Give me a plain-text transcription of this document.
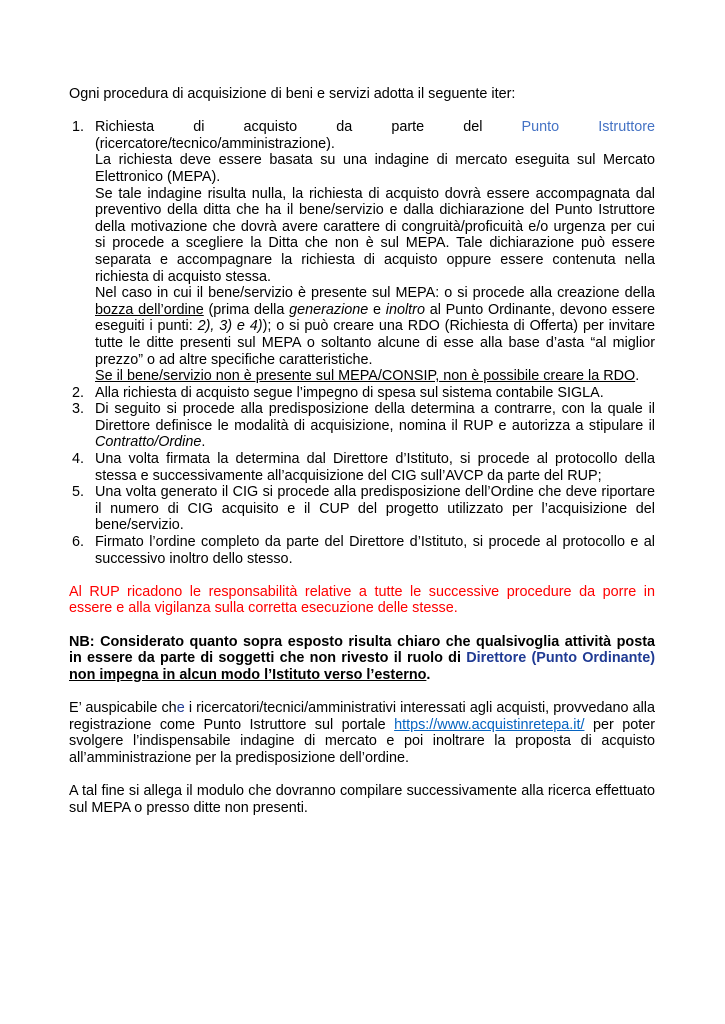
Ogni procedura di acquisizione di beni e servizi adotta il seguente iter:

1. Richiesta di acquisto da parte del	Punto Istruttore

(ricercatore/tecnico/amministrazione).

La richiesta deve essere basata su una indagine di mercato eseguita sul Mercato Elettronico (MEPA).

Se tale indagine risulta nulla, la richiesta di acquisto dovrà essere accompagnata dal preventivo della ditta che ha il bene/servizio e dalla dichiarazione del Punto Istruttore della motivazione che dovrà avere carattere di congruità/proficuità e/o urgenza per cui si procede a scegliere la Ditta che non è sul MEPA. Tale dichiarazione può essere separata e accompagnare la richiesta di acquisto oppure essere contenuta nella richiesta di acquisto stessa.

Nel caso in cui il bene/servizio è presente sul MEPA: o si procede alla creazione della bozza dell’ordine (prima della generazione e inoltro al Punto Ordinante, devono essere eseguiti i punti: 2), 3) e 4)); o si può creare una RDO (Richiesta di Offerta) per invitare tutte le ditte presenti sul MEPA o soltanto alcune di esse alla base d’asta “al miglior prezzo” o ad altre specifiche caratteristiche.

Se il bene/servizio non è presente sul MEPA/CONSIP, non è possibile creare la RDO.

2. Alla richiesta di acquisto segue l’impegno di spesa sul sistema contabile SIGLA.
3. Di seguito si procede alla predisposizione della determina a contrarre, con la quale il Direttore definisce le modalità di acquisizione, nomina il RUP e autorizza a stipulare il Contratto/Ordine.
4. Una volta firmata la determina dal Direttore d’Istituto, si procede al protocollo della stessa e successivamente all’acquisizione del CIG sull’AVCP da parte del RUP;
5. Una volta generato il CIG si procede alla predisposizione dell’Ordine che deve riportare il numero di CIG acquisito e il CUP del progetto utilizzato per l’acquisizione del bene/servizio.
6. Firmato l’ordine completo da parte del Direttore d’Istituto, si procede al protocollo e al successivo inoltro dello stesso.

Al RUP ricadono le responsabilità relative a tutte le successive procedure da porre in essere e alla vigilanza sulla corretta esecuzione delle stesse.

NB: Considerato quanto sopra esposto risulta chiaro che qualsivoglia attività posta in essere da parte di soggetti che non rivesto il ruolo di Direttore (Punto Ordinante) non impegna in alcun modo l’Istituto verso l’esterno.

E’ auspicabile che i ricercatori/tecnici/amministrativi interessati agli acquisti, provvedano alla registrazione come Punto Istruttore sul portale https://www.acquistinretepa.it/ per poter svolgere l’indispensabile indagine di mercato e poi inoltrare la proposta di acquisto all’amministrazione per la predisposizione dell’ordine.

A tal fine si allega il modulo che dovranno compilare successivamente alla ricerca effettuato sul MEPA o presso ditte non presenti.
